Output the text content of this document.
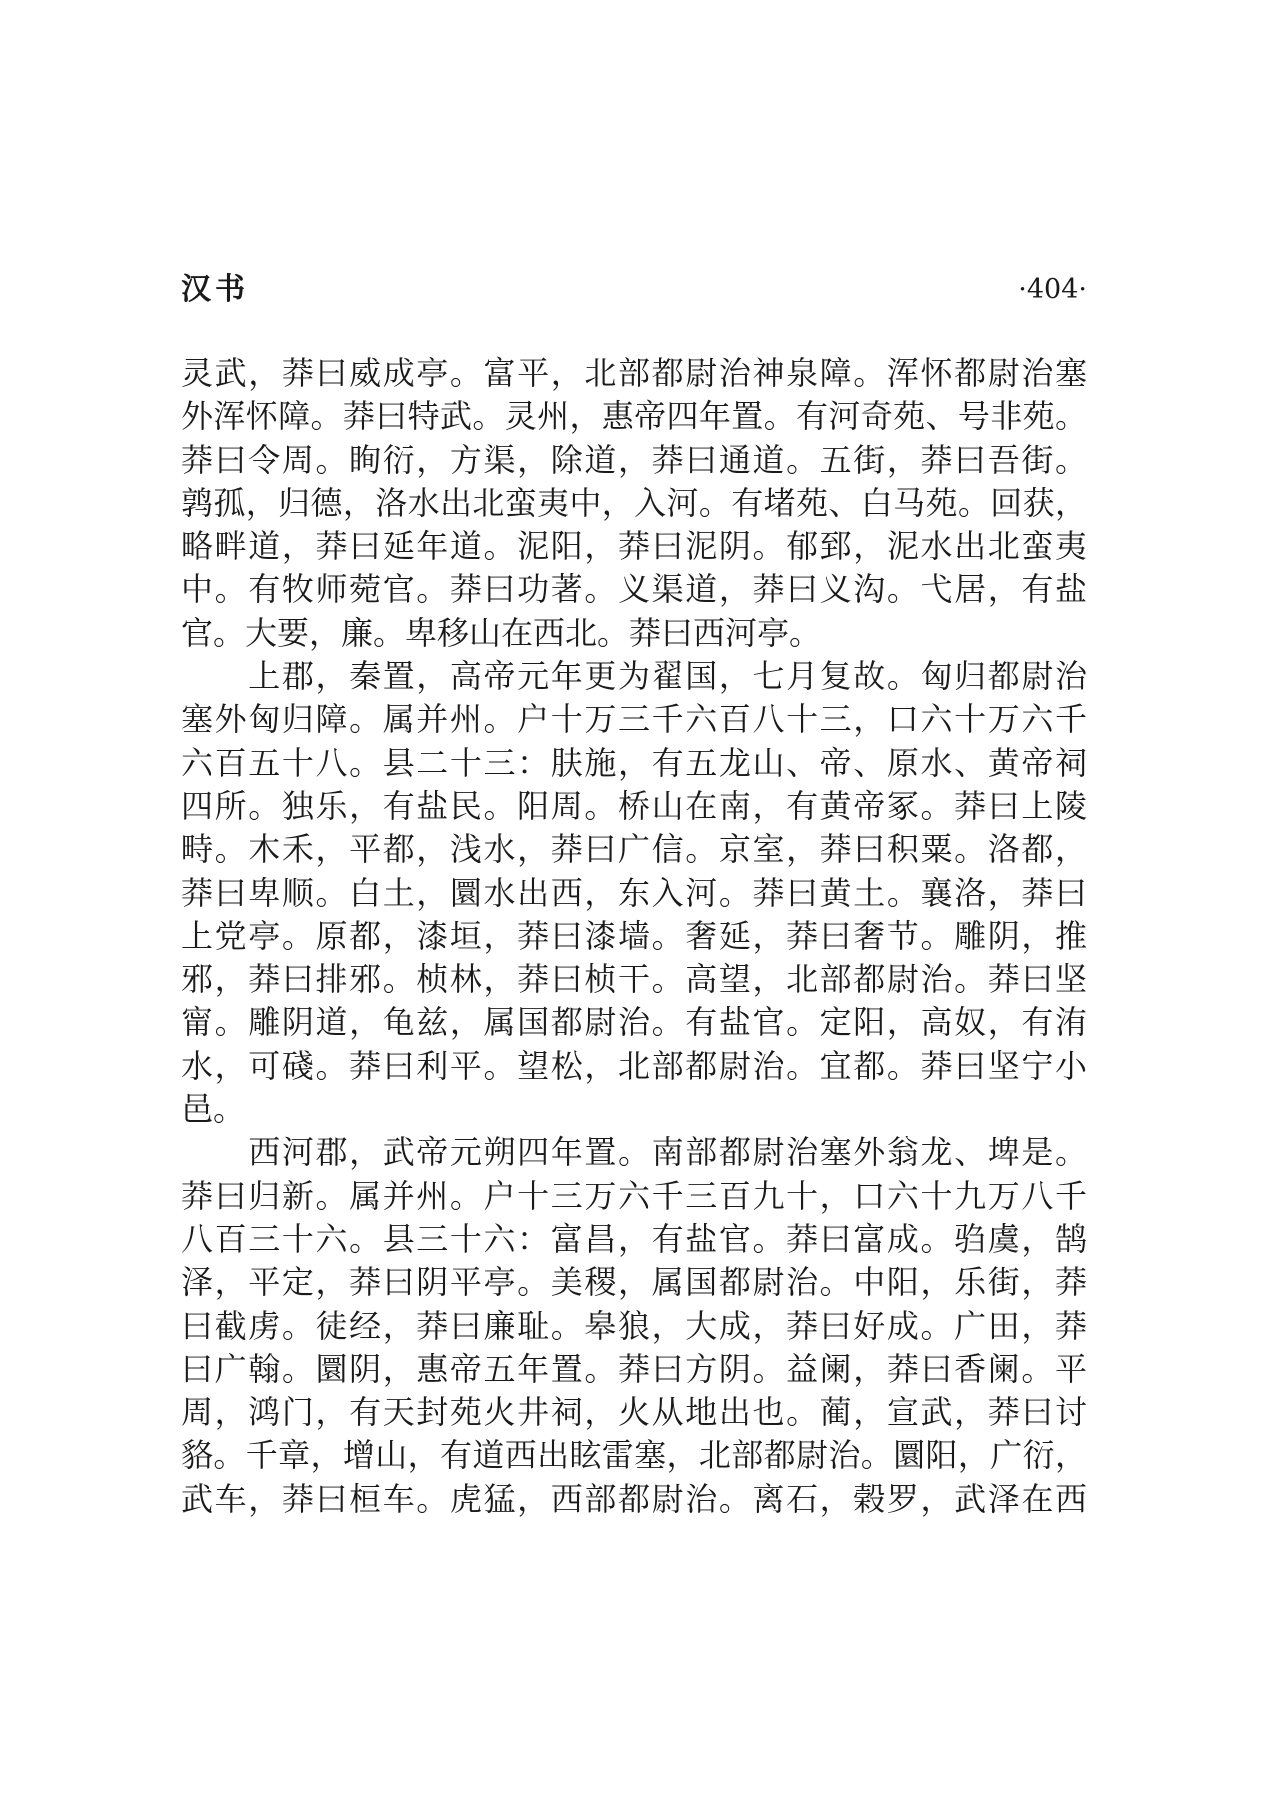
汉书	·404·
灵武，莽曰威成亭。富平，北部都尉治神泉障。浑怀都尉治塞
外浑怀障。莽曰特武。灵州，惠帝四年置。有河奇苑、号非苑。
莽曰令周。眴衍，方渠，除道，莽曰通道。五街，莽曰吾街。
鹑孤，归德，洛水出北蛮夷中，入河。有堵苑、白马苑。回获，
略畔道，莽曰延年道。泥阳，莽曰泥阴。郁郅，泥水出北蛮夷
中。有牧师菀官。莽曰功著。义渠道，莽曰义沟。弋居，有盐
官。大要，廉。卑移山在西北。莽曰西河亭。
　　上郡，秦置，高帝元年更为翟国，七月复故。匈归都尉治
塞外匈归障。属并州。户十万三千六百八十三，口六十万六千
六百五十八。县二十三：肤施，有五龙山、帝、原水、黄帝祠
四所。独乐，有盐民。阳周。桥山在南，有黄帝冢。莽曰上陵
畤。木禾，平都，浅水，莽曰广信。京室，莽曰积粟。洛都，
莽曰卑顺。白土，圜水出西，东入河。莽曰黄土。襄洛，莽曰
上党亭。原都，漆垣，莽曰漆墙。奢延，莽曰奢节。雕阴，推
邪，莽曰排邪。桢林，莽曰桢干。高望，北部都尉治。莽曰坚
甯。雕阴道，龟兹，属国都尉治。有盐官。定阳，高奴，有洧
水，可碊。莽曰利平。望松，北部都尉治。宜都。莽曰坚宁小
邑。
　　西河郡，武帝元朔四年置。南部都尉治塞外翁龙、埤是。
莽曰归新。属并州。户十三万六千三百九十，口六十九万八千
八百三十六。县三十六：富昌，有盐官。莽曰富成。驺虞，鹄
泽，平定，莽曰阴平亭。美稷，属国都尉治。中阳，乐街，莽
曰截虏。徒经，莽曰廉耻。皋狼，大成，莽曰好成。广田，莽
曰广翰。圜阴，惠帝五年置。莽曰方阴。益阑，莽曰香阑。平
周，鸿门，有天封苑火井祠，火从地出也。蔺，宣武，莽曰讨
貉。千章，增山，有道西出眩雷塞，北部都尉治。圜阳，广衍，
武车，莽曰桓车。虎猛，西部都尉治。离石，榖罗，武泽在西
